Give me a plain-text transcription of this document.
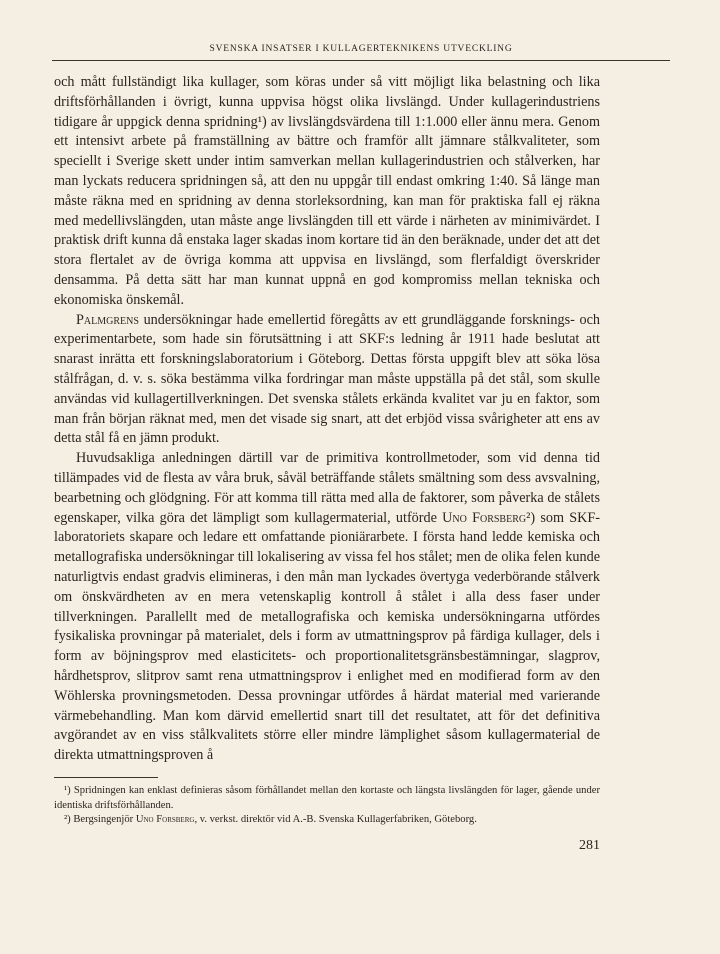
SVENSKA INSATSER I KULLAGERTEKNIKENS UTVECKLING

och mått fullständigt lika kullager, som köras under så vitt möjligt lika belastning och lika driftsförhållanden i övrigt, kunna uppvisa högst olika livslängd. Under kullagerindustriens tidigare år uppgick denna spridning¹) av livslängdsvärdena till 1:1.000 eller ännu mera. Genom ett intensivt arbete på framställning av bättre och framför allt jämnare stålkvaliteter, som speciellt i Sverige skett under intim samverkan mellan kullagerindustrien och stålverken, har man lyckats reducera spridningen så, att den nu uppgår till endast omkring 1:40. Så länge man måste räkna med en spridning av denna storleksordning, kan man för praktiska fall ej räkna med medellivslängden, utan måste ange livslängden till ett värde i närheten av minimivärdet. I praktisk drift kunna då enstaka lager skadas inom kortare tid än den beräknade, under det att det stora flertalet av de övriga komma att uppvisa en livslängd, som flerfaldigt överskrider densamma. På detta sätt har man kunnat uppnå en god kompromiss mellan tekniska och ekonomiska önskemål.

Palmgrens undersökningar hade emellertid föregåtts av ett grundläggande forsknings- och experimentarbete, som hade sin förutsättning i att SKF:s ledning år 1911 hade beslutat att snarast inrätta ett forskningslaboratorium i Göteborg. Dettas första uppgift blev att söka lösa stålfrågan, d. v. s. söka bestämma vilka fordringar man måste uppställa på det stål, som skulle användas vid kullagertillverkningen. Det svenska stålets erkända kvalitet var ju en faktor, som man från början räknat med, men det visade sig snart, att det erbjöd vissa svårigheter att ens av detta stål få en jämn produkt.

Huvudsakliga anledningen därtill var de primitiva kontrollmetoder, som vid denna tid tillämpades vid de flesta av våra bruk, såväl beträffande stålets smältning som dess avsvalning, bearbetning och glödgning. För att komma till rätta med alla de faktorer, som påverka de stålets egenskaper, vilka göra det lämpligt som kullagermaterial, utförde Uno Forsberg²) som SKF-laboratoriets skapare och ledare ett omfattande pioniärarbete. I första hand ledde kemiska och metallografiska undersökningar till lokalisering av vissa fel hos stålet; men de olika felen kunde naturligtvis endast gradvis elimineras, i den mån man lyckades övertyga vederbörande stålverk om önskvärdheten av en mera vetenskaplig kontroll å stålet i alla dess faser under tillverkningen. Parallellt med de metallografiska och kemiska undersökningarna utfördes fysikaliska provningar på materialet, dels i form av utmattningsprov på färdiga kullager, dels i form av böjningsprov med elasticitets- och proportionalitetsgränsbestämningar, slagprov, hårdhetsprov, slitprov samt rena utmattningsprov i enlighet med en modifierad form av den Wöhlerska provningsmetoden. Dessa provningar utfördes å härdat material med varierande värmebehandling. Man kom därvid emellertid snart till det resultatet, att för det definitiva avgörandet av en viss stålkvalitets större eller mindre lämplighet såsom kullagermaterial de direkta utmattningsproven å

¹) Spridningen kan enklast definieras såsom förhållandet mellan den kortaste och längsta livslängden för lager, gående under identiska driftsförhållanden.

²) Bergsingenjör Uno Forsberg, v. verkst. direktör vid A.-B. Svenska Kullagerfabriken, Göteborg.

281
